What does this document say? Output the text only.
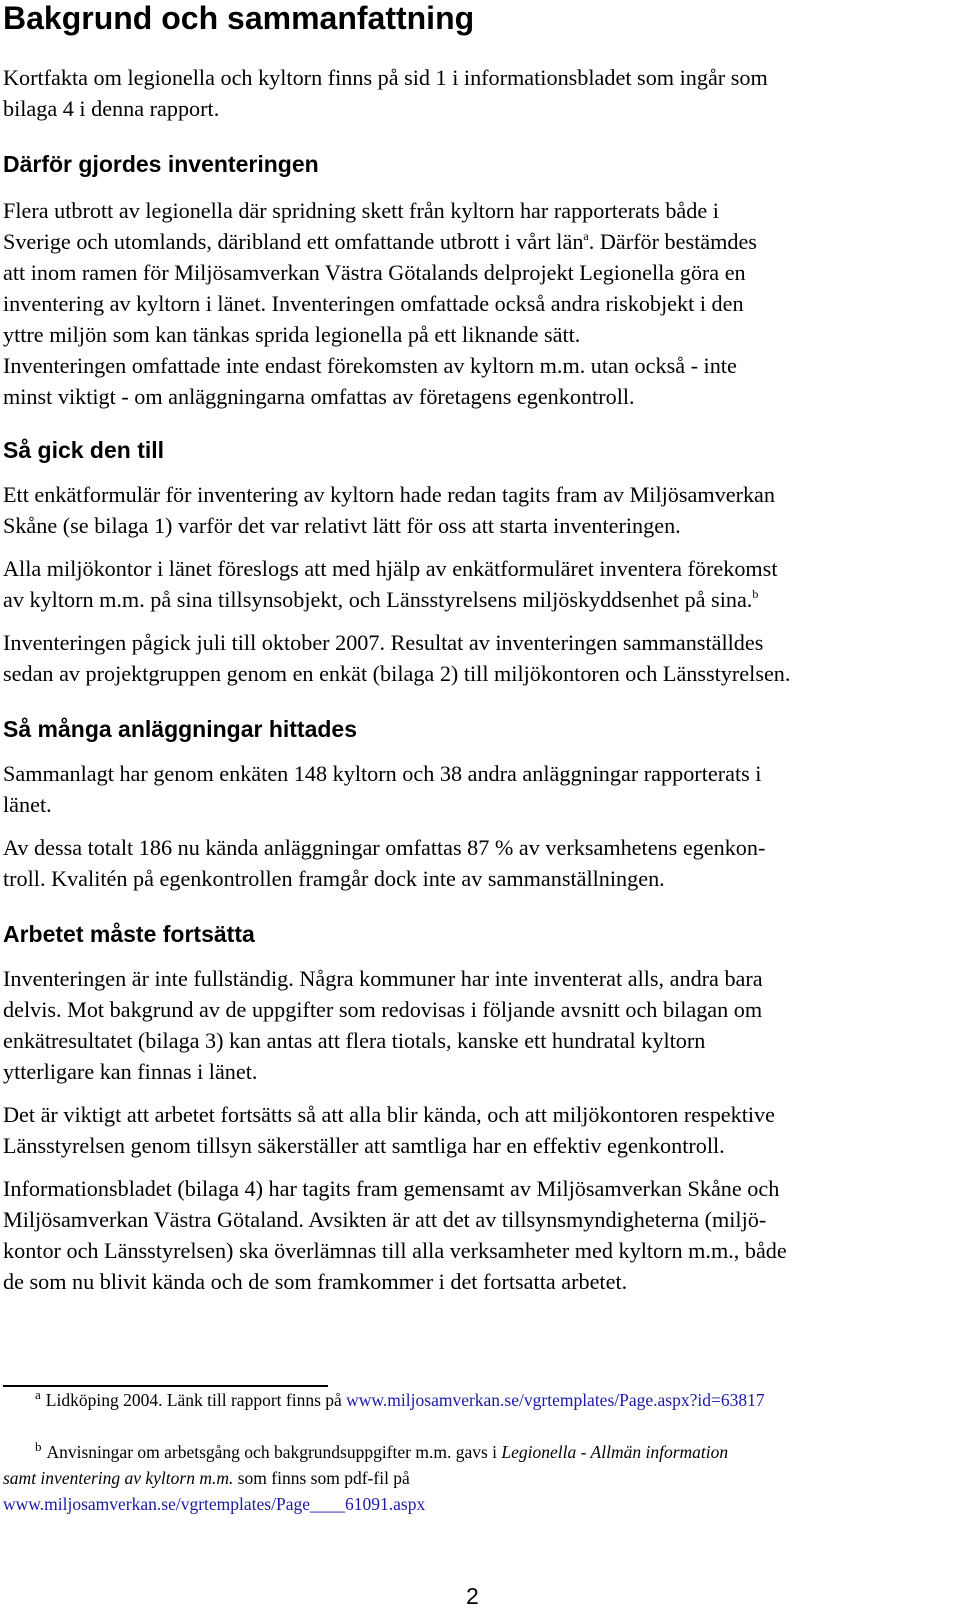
Bakgrund och sammanfattning

Kortfakta om legionella och kyltorn finns på sid 1 i informationsbladet som ingår som
bilaga 4 i denna rapport.

Därför gjordes inventeringen

Flera utbrott av legionella där spridning skett från kyltorn har rapporterats både i
Sverige och utomlands, däribland ett omfattande utbrott i vårt län$^a$. Därför bestämdes
att inom ramen för Miljösamverkan Västra Götalands delprojekt Legionella göra en
inventering av kyltorn i länet. Inventeringen omfattade också andra riskobjekt i den
yttre miljön som kan tänkas sprida legionella på ett liknande sätt.
Inventeringen omfattade inte endast förekomsten av kyltorn m.m. utan också - inte
minst viktigt - om anläggningarna omfattas av företagens egenkontroll.

Så gick den till

Ett enkätformulär för inventering av kyltorn hade redan tagits fram av Miljösamverkan
Skåne (se bilaga 1) varför det var relativt lätt för oss att starta inventeringen.

Alla miljökontor i länet föreslogs att med hjälp av enkätformuläret inventera förekomst
av kyltorn m.m. på sina tillsynsobjekt, och Länsstyrelsens miljöskyddsenhet på sina.$^b$

Inventeringen pågick juli till oktober 2007. Resultat av inventeringen sammanställdes
sedan av projektgruppen genom en enkät (bilaga 2) till miljökontoren och Länsstyrelsen.

Så många anläggningar hittades

Sammanlagt har genom enkäten 148 kyltorn och 38 andra anläggningar rapporterats i
länet.

Av dessa totalt 186 nu kända anläggningar omfattas 87 % av verksamhetens egenkon-
troll. Kvalitén på egenkontrollen framgår dock inte av sammanställningen.

Arbetet måste fortsätta

Inventeringen är inte fullständig. Några kommuner har inte inventerat alls, andra bara
delvis. Mot bakgrund av de uppgifter som redovisas i följande avsnitt och bilagan om
enkätresultatet (bilaga 3) kan antas att flera tiotals, kanske ett hundratal kyltorn
ytterligare kan finnas i länet.

Det är viktigt att arbetet fortsätts så att alla blir kända, och att miljökontoren respektive
Länsstyrelsen genom tillsyn säkerställer att samtliga har en effektiv egenkontroll.

Informationsbladet (bilaga 4) har tagits fram gemensamt av Miljösamverkan Skåne och
Miljösamverkan Västra Götaland. Avsikten är att det av tillsynsmyndigheterna (miljö-
kontor och Länsstyrelsen) ska överlämnas till alla verksamheter med kyltorn m.m., både
de som nu blivit kända och de som framkommer i det fortsatta arbetet.

$^a$ Lidköping 2004. Länk till rapport finns på www.miljosamverkan.se/vgrtemplates/Page.aspx?id=63817

$^b$ Anvisningar om arbetsgång och bakgrundsuppgifter m.m. gavs i Legionella - Allmän information
samt inventering av kyltorn m.m. som finns som pdf-fil på
www.miljosamverkan.se/vgrtemplates/Page____61091.aspx

2
